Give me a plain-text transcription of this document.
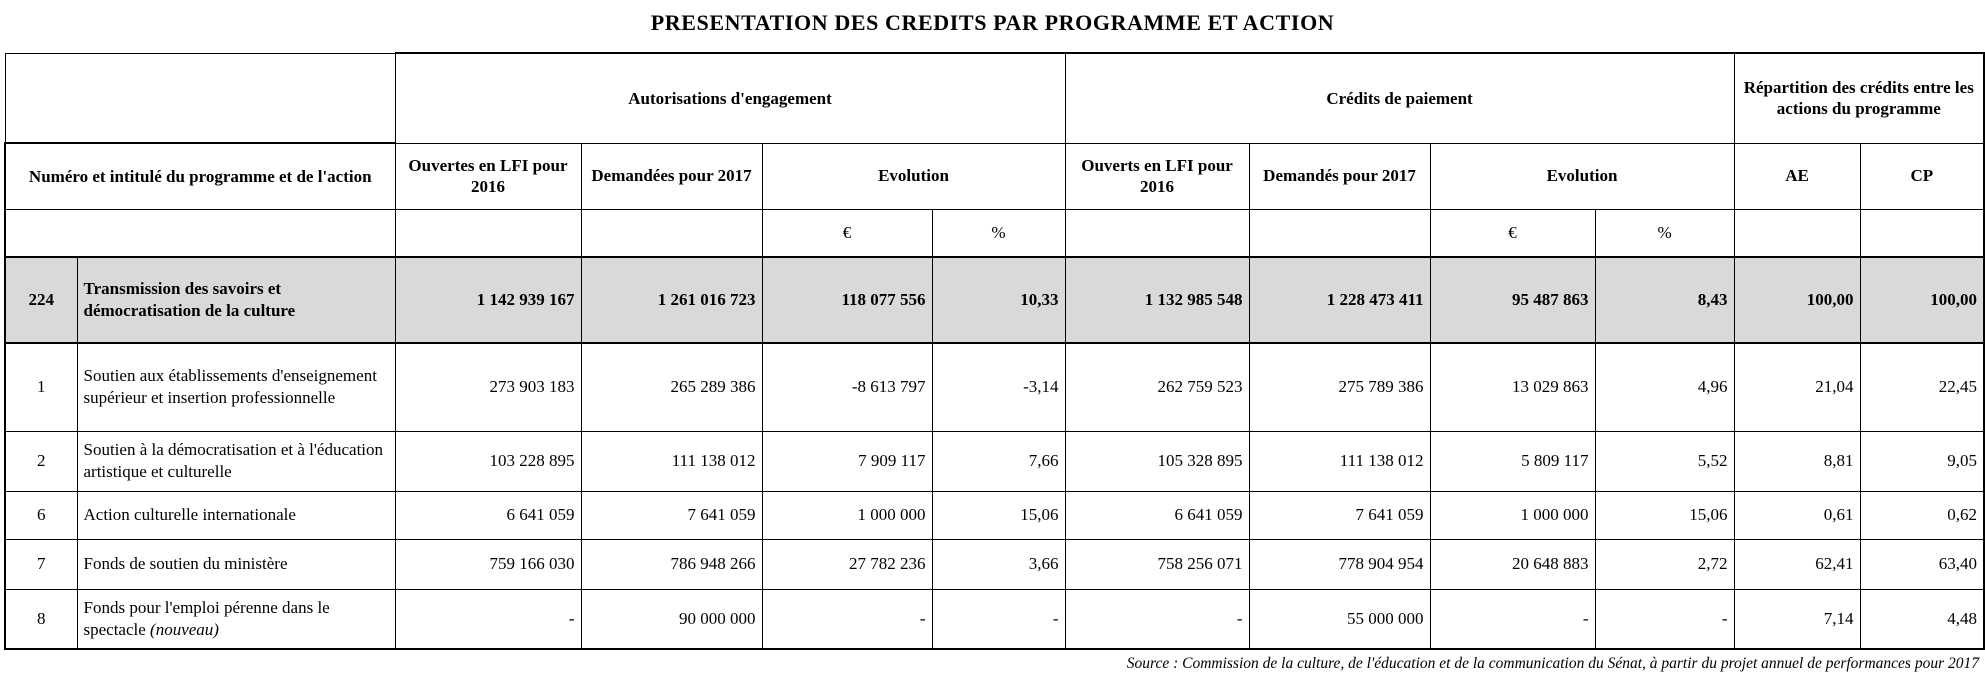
PRESENTATION DES CREDITS PAR PROGRAMME ET ACTION
		Autorisations d'engagement				Crédits de paiement				Répartition des crédits entre les actions du programme	
Numéro et intitulé du programme et de l'action		Ouvertes en LFI pour 2016	Demandées pour 2017	Evolution		Ouverts en LFI pour 2016	Demandés pour 2017	Evolution		AE	CP
				€	%			€	%		
224	Transmission des savoirs et démocratisation de la culture	1 142 939 167	1 261 016 723	118 077 556	10,33	1 132 985 548	1 228 473 411	95 487 863	8,43	100,00	100,00
1	Soutien aux établissements d'enseignement supérieur et insertion professionnelle	273 903 183	265 289 386	-8 613 797	-3,14	262 759 523	275 789 386	13 029 863	4,96	21,04	22,45
2	Soutien à la démocratisation et à l'éducation artistique et culturelle	103 228 895	111 138 012	7 909 117	7,66	105 328 895	111 138 012	5 809 117	5,52	8,81	9,05
6	Action culturelle internationale	6 641 059	7 641 059	1 000 000	15,06	6 641 059	7 641 059	1 000 000	15,06	0,61	0,62
7	Fonds de soutien du ministère	759 166 030	786 948 266	27 782 236	3,66	758 256 071	778 904 954	20 648 883	2,72	62,41	63,40
8	Fonds pour l'emploi pérenne dans le spectacle (nouveau)	-	90 000 000	-	-	-	55 000 000	-	-	7,14	4,48
Source : Commission de la culture, de l'éducation et de la communication du Sénat, à partir du projet annuel de performances pour 2017
